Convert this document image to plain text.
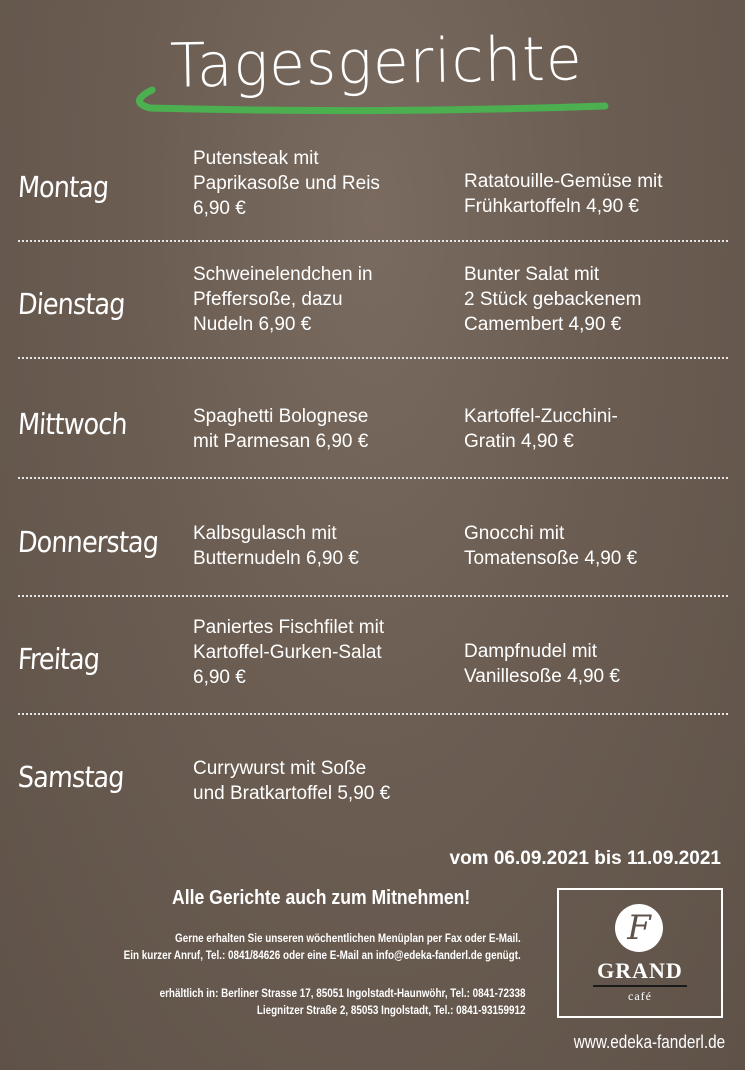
Tagesgerichte
Montag
Putensteak mit
Paprikasoße und Reis
6,90 €
Ratatouille-Gemüse mit
Frühkartoffeln 4,90 €
Dienstag
Schweinelendchen in
Pfeffersoße, dazu
Nudeln 6,90 €
Bunter Salat mit
2 Stück gebackenem
Camembert 4,90 €
Mittwoch	Spaghetti Bolognese
mit Parmesan 6,90 €
Kartoffel-Zucchini-
Gratin 4,90 €
Donnerstag Kalbsgulasch mit
Butternudeln 6,90 €
Gnocchi mit
Tomatensoße 4,90 €
Freitag
Paniertes Fischfilet mit
Kartoffel-Gurken-Salat
6,90 €
Dampfnudel mit
Vanillesoße 4,90 €
Samstag	Currywurst mit Soße
und Bratkartoffel 5,90 €
vom 06.09.2021 bis 11.09.2021
Alle Gerichte auch zum Mitnehmen!
Gerne erhalten Sie unseren wöchentlichen Menüplan per Fax oder E-Mail.
Ein kurzer Anruf, Tel.: 0841/84626 oder eine E-Mail an info@edeka-fanderl.de genügt.
erhältlich in: Berliner Strasse 17, 85051 Ingolstadt-Haunwöhr, Tel.: 0841-72338
Liegnitzer Straße 2, 85053 Ingolstadt, Tel.: 0841-93159912
F
GRAND
café
www.edeka-fanderl.de
